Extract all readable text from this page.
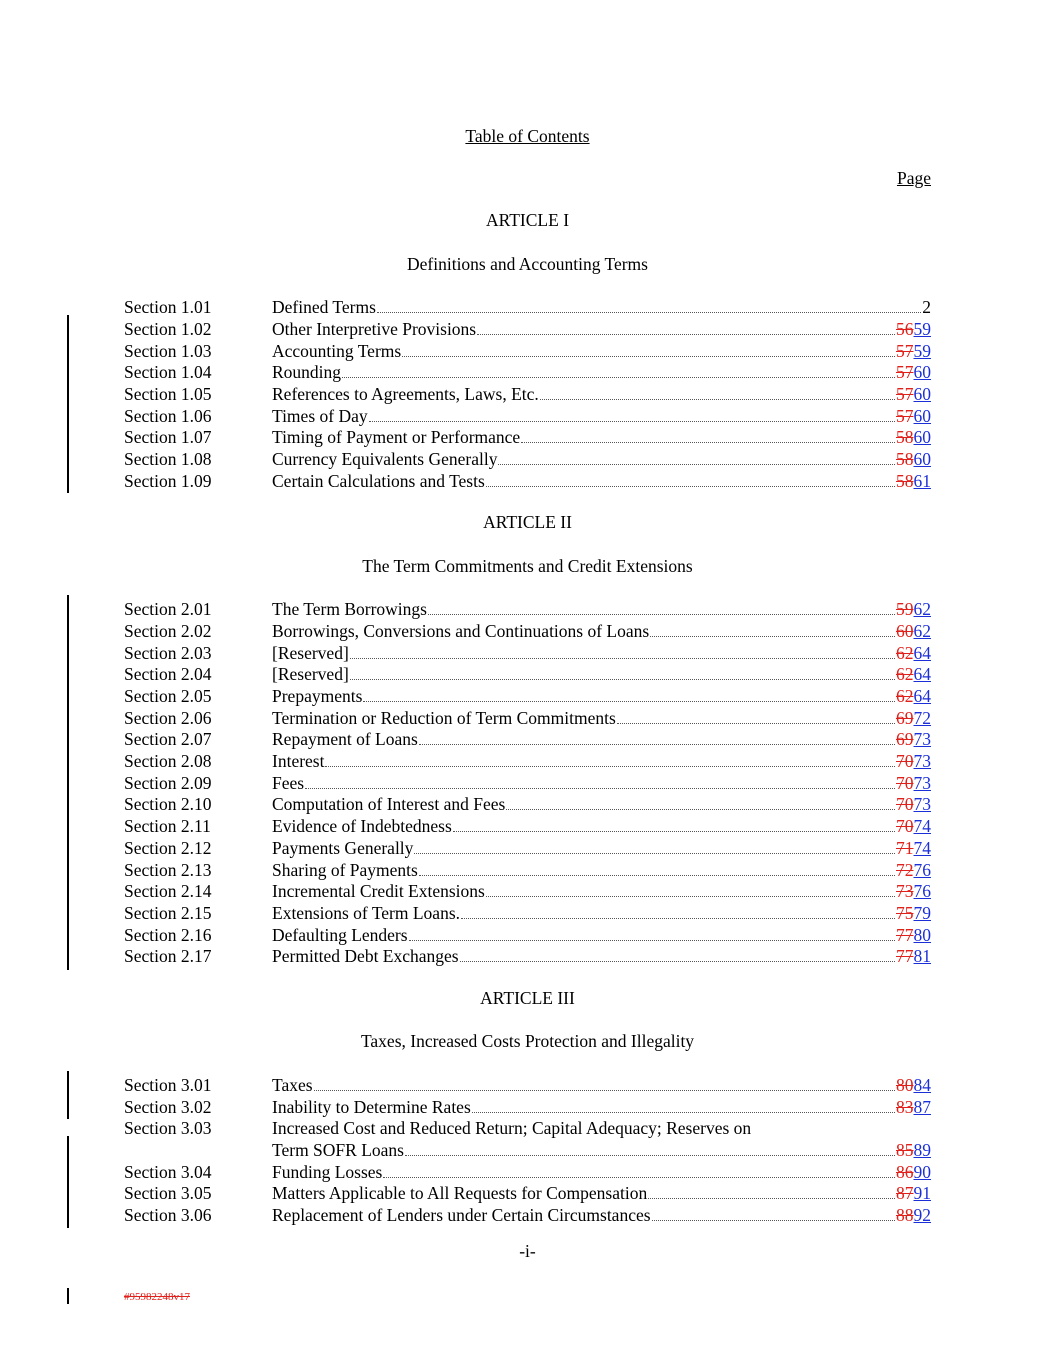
Table of Contents
Page
ARTICLE I
Definitions and Accounting Terms
Section 1.01	Defined Terms	2
Section 1.02	Other Interpretive Provisions	5659
Section 1.03	Accounting Terms	5759
Section 1.04	Rounding	5760
Section 1.05	References to Agreements, Laws, Etc.	5760
Section 1.06	Times of Day	5760
Section 1.07	Timing of Payment or Performance	5860
Section 1.08	Currency Equivalents Generally	5860
Section 1.09	Certain Calculations and Tests	5861
ARTICLE II
The Term Commitments and Credit Extensions
Section 2.01	The Term Borrowings	5962
Section 2.02	Borrowings, Conversions and Continuations of Loans	6062
Section 2.03	[Reserved]	6264
Section 2.04	[Reserved]	6264
Section 2.05	Prepayments	6264
Section 2.06	Termination or Reduction of Term Commitments	6972
Section 2.07	Repayment of Loans	6973
Section 2.08	Interest	7073
Section 2.09	Fees	7073
Section 2.10	Computation of Interest and Fees	7073
Section 2.11	Evidence of Indebtedness	7074
Section 2.12	Payments Generally	7174
Section 2.13	Sharing of Payments	7276
Section 2.14	Incremental Credit Extensions	7376
Section 2.15	Extensions of Term Loans.	7579
Section 2.16	Defaulting Lenders	7780
Section 2.17	Permitted Debt Exchanges	7781
ARTICLE III
Taxes, Increased Costs Protection and Illegality
Section 3.01	Taxes	8084
Section 3.02	Inability to Determine Rates	8387
Section 3.03	Increased Cost and Reduced Return; Capital Adequacy; Reserves on
Term SOFR Loans	8589
Section 3.04	Funding Losses	8690
Section 3.05	Matters Applicable to All Requests for Compensation	8791
Section 3.06	Replacement of Lenders under Certain Circumstances	8892
-i-
#95982248v17
